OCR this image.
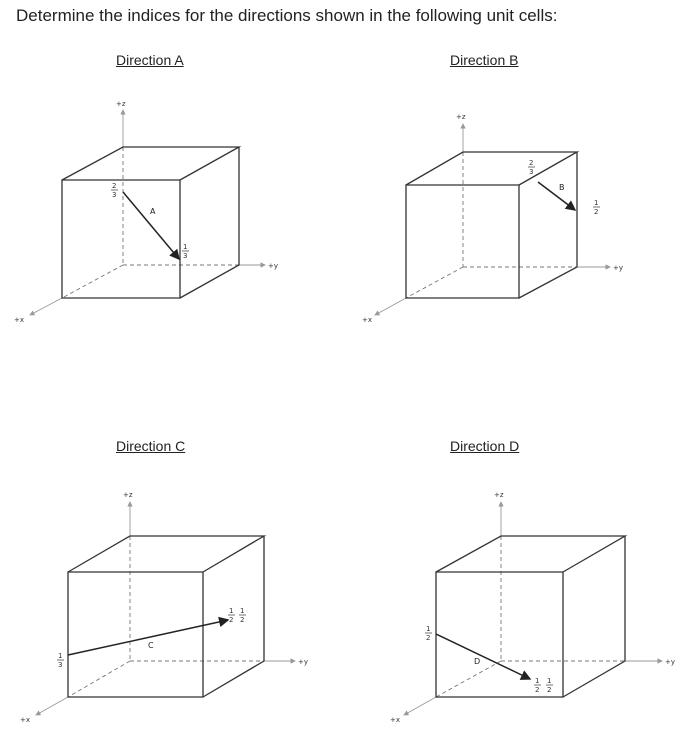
Determine the indices for the directions shown in the following unit cells:
Direction A	Direction B
Direction C	Direction D
A
2
3
1
3
+z
+y
+x
B
2
3
1
2
+z
+y
+x
C
1
3
1
2
1
2
+z
+y
+x
D
1
2
1
2
1
2
+z
+y
+x
